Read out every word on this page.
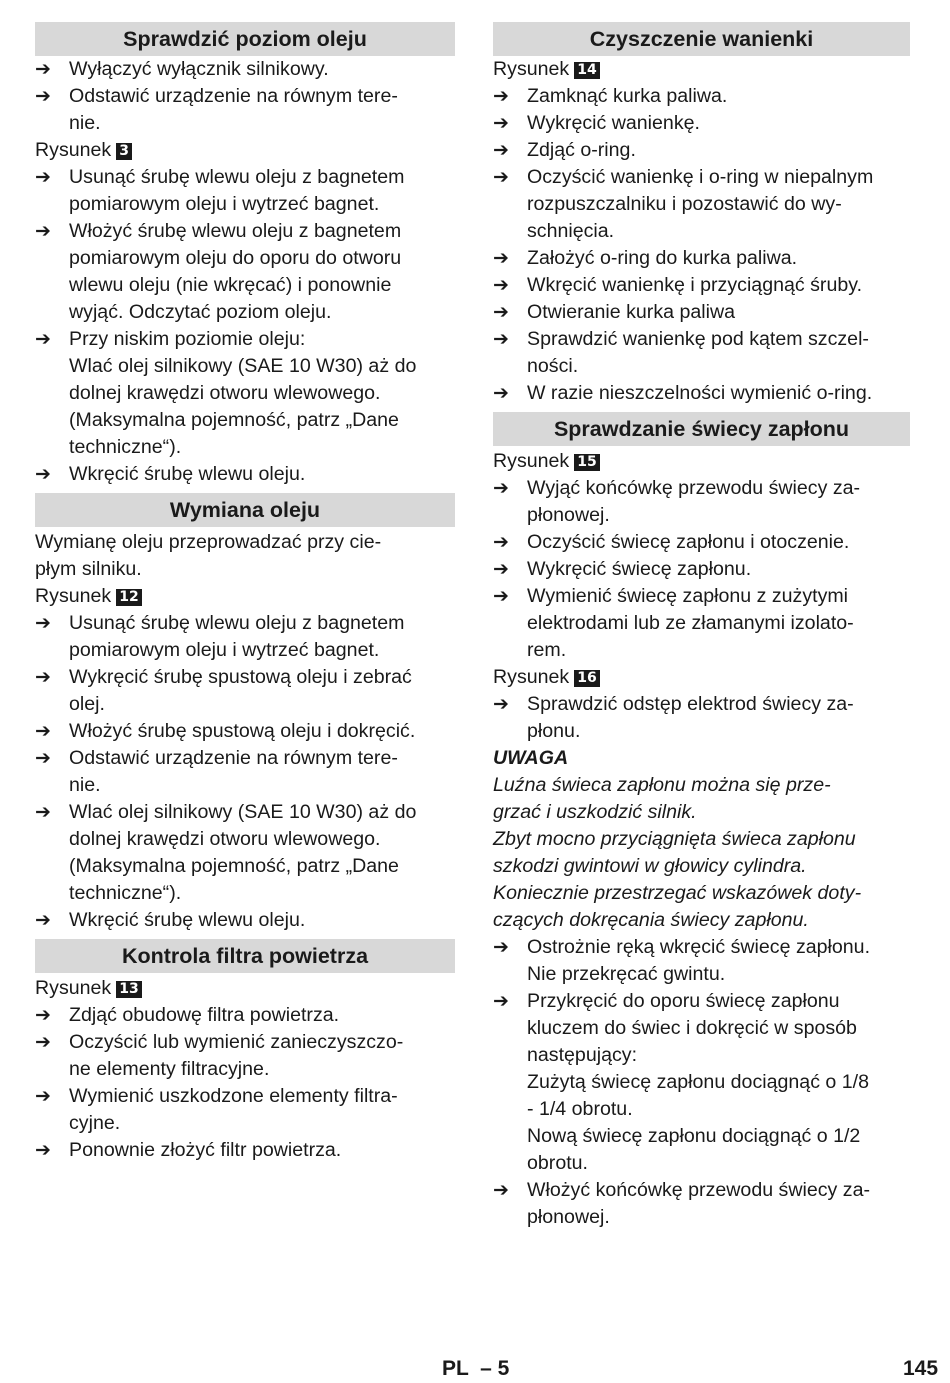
Sprawdzić poziom oleju
➔ Wyłączyć wyłącznik silnikowy.
➔ Odstawić urządzenie na równym tere-
nie.
Rysunek 3
➔ Usunąć śrubę wlewu oleju z bagnetem
pomiarowym oleju i wytrzeć bagnet.
➔ Włożyć śrubę wlewu oleju z bagnetem
pomiarowym oleju do oporu do otworu
wlewu oleju (nie wkręcać) i ponownie
wyjąć. Odczytać poziom oleju.
➔ Przy niskim poziomie oleju:
Wlać olej silnikowy (SAE 10 W30) aż do
dolnej krawędzi otworu wlewowego.
(Maksymalna pojemność, patrz „Dane
techniczne“).
➔ Wkręcić śrubę wlewu oleju.
Wymiana oleju
Wymianę oleju przeprowadzać przy cie-
płym silniku.
Rysunek 12
➔ Usunąć śrubę wlewu oleju z bagnetem
pomiarowym oleju i wytrzeć bagnet.
➔ Wykręcić śrubę spustową oleju i zebrać
olej.
➔ Włożyć śrubę spustową oleju i dokręcić.
➔ Odstawić urządzenie na równym tere-
nie.
➔ Wlać olej silnikowy (SAE 10 W30) aż do
dolnej krawędzi otworu wlewowego.
(Maksymalna pojemność, patrz „Dane
techniczne“).
➔ Wkręcić śrubę wlewu oleju.
Kontrola filtra powietrza
Rysunek 13
➔ Zdjąć obudowę filtra powietrza.
➔ Oczyścić lub wymienić zanieczyszczo-
ne elementy filtracyjne.
➔ Wymienić uszkodzone elementy filtra-
cyjne.
➔ Ponownie złożyć filtr powietrza.
Czyszczenie wanienki
Rysunek 14
➔ Zamknąć kurka paliwa.
➔ Wykręcić wanienkę.
➔ Zdjąć o-ring.
➔ Oczyścić wanienkę i o-ring w niepalnym
rozpuszczalniku i pozostawić do wy-
schnięcia.
➔ Założyć o-ring do kurka paliwa.
➔ Wkręcić wanienkę i przyciągnąć śruby.
➔ Otwieranie kurka paliwa
➔ Sprawdzić wanienkę pod kątem szczel-
ności.
➔ W razie nieszczelności wymienić o-ring.
Sprawdzanie świecy zapłonu
Rysunek 15
➔ Wyjąć końcówkę przewodu świecy za-
płonowej.
➔ Oczyścić świecę zapłonu i otoczenie.
➔ Wykręcić świecę zapłonu.
➔ Wymienić świecę zapłonu z zużytymi
elektrodami lub ze złamanymi izolato-
rem.
Rysunek 16
➔ Sprawdzić odstęp elektrod świecy za-
płonu.
UWAGA
Luźna świeca zapłonu można się prze-
grzać i uszkodzić silnik.
Zbyt mocno przyciągnięta świeca zapłonu
szkodzi gwintowi w głowicy cylindra.
Koniecznie przestrzegać wskazówek doty-
czących dokręcania świecy zapłonu.
➔ Ostrożnie ręką wkręcić świecę zapłonu.
Nie przekręcać gwintu.
➔ Przykręcić do oporu świecę zapłonu
kluczem do świec i dokręcić w sposób
następujący:
Zużytą świecę zapłonu dociągnąć o 1/8
- 1/4 obrotu.
Nową świecę zapłonu dociągnąć o 1/2
obrotu.
➔ Włożyć końcówkę przewodu świecy za-
płonowej.
PL  – 5	145
